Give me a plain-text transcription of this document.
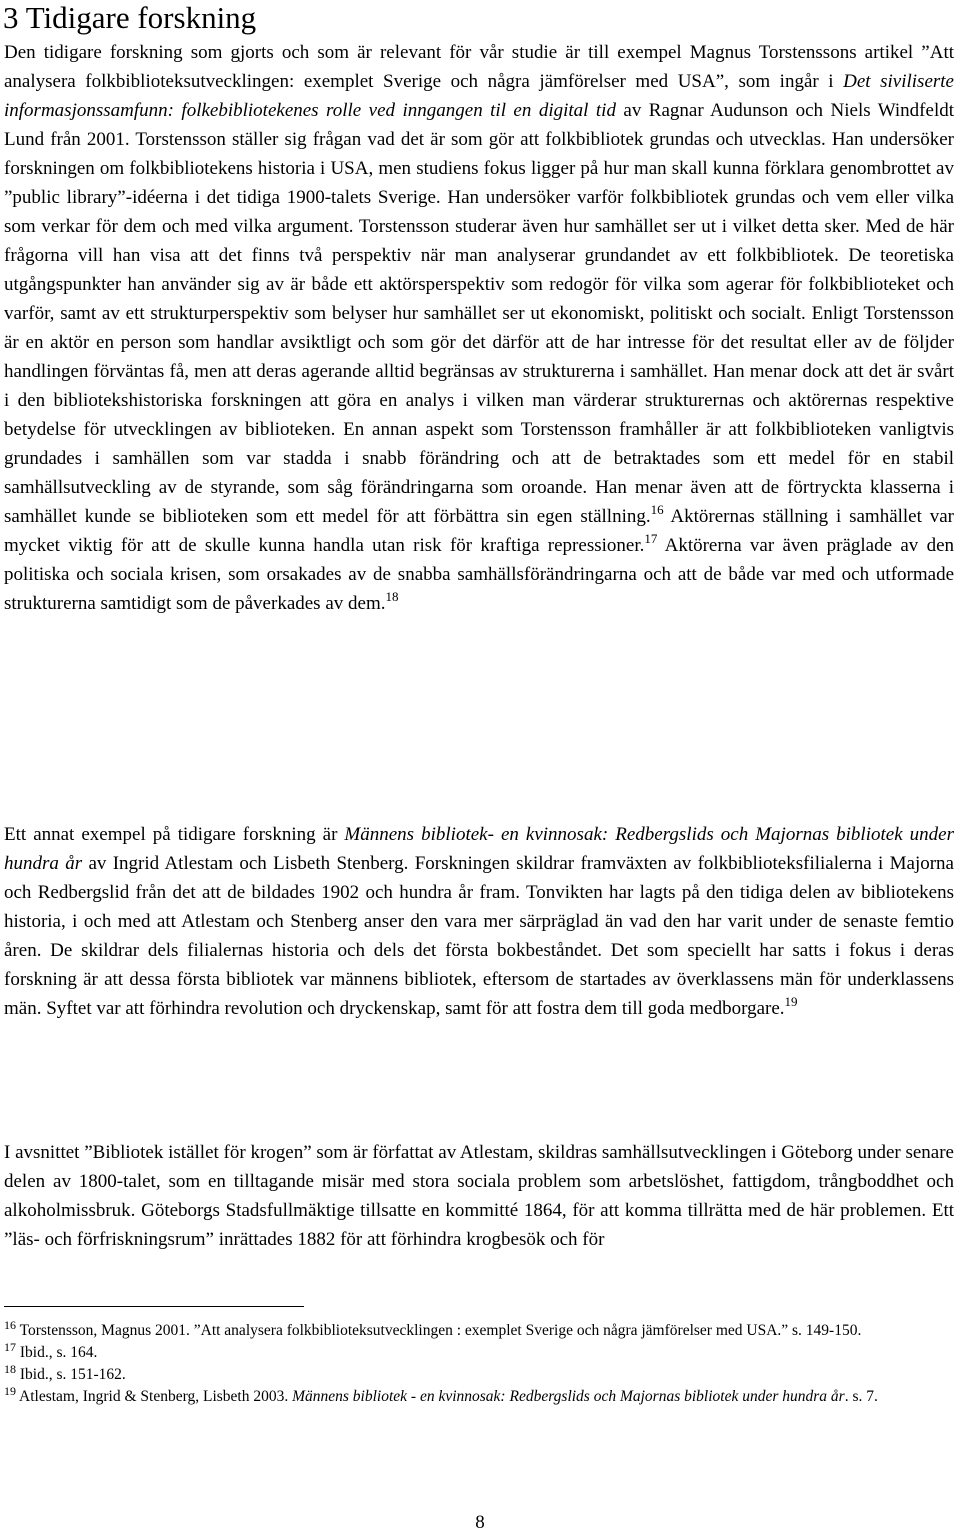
3 Tidigare forskning

Den tidigare forskning som gjorts och som är relevant för vår studie är till exempel Magnus Torstenssons artikel ”Att analysera folkbiblioteksutvecklingen: exemplet Sverige och några jämförelser med USA”, som ingår i Det siviliserte informasjonssamfunn: folkebibliotekenes rolle ved inngangen til en digital tid av Ragnar Audunson och Niels Windfeldt Lund från 2001. Torstensson ställer sig frågan vad det är som gör att folkbibliotek grundas och utvecklas. Han undersöker forskningen om folkbibliotekens historia i USA, men studiens fokus ligger på hur man skall kunna förklara genombrottet av ”public library”-idéerna i det tidiga 1900-talets Sverige. Han undersöker varför folkbibliotek grundas och vem eller vilka som verkar för dem och med vilka argument. Torstensson studerar även hur samhället ser ut i vilket detta sker. Med de här frågorna vill han visa att det finns två perspektiv när man analyserar grundandet av ett folkbibliotek. De teoretiska utgångspunkter han använder sig av är både ett aktörsperspektiv som redogör för vilka som agerar för folkbiblioteket och varför, samt av ett strukturperspektiv som belyser hur samhället ser ut ekonomiskt, politiskt och socialt. Enligt Torstensson är en aktör en person som handlar avsiktligt och som gör det därför att de har intresse för det resultat eller av de följder handlingen förväntas få, men att deras agerande alltid begränsas av strukturerna i samhället. Han menar dock att det är svårt i den bibliotekshistoriska forskningen att göra en analys i vilken man värderar strukturernas och aktörernas respektive betydelse för utvecklingen av biblioteken. En annan aspekt som Torstensson framhåller är att folkbiblioteken vanligtvis grundades i samhällen som var stadda i snabb förändring och att de betraktades som ett medel för en stabil samhällsutveckling av de styrande, som såg förändringarna som oroande. Han menar även att de förtryckta klasserna i samhället kunde se biblioteken som ett medel för att förbättra sin egen ställning.$^{16}$ Aktörernas ställning i samhället var mycket viktig för att de skulle kunna handla utan risk för kraftiga repressioner.$^{17}$ Aktörerna var även präglade av den politiska och sociala krisen, som orsakades av de snabba samhällsförändringarna och att de både var med och utformade strukturerna samtidigt som de påverkades av dem.$^{18}$

Ett annat exempel på tidigare forskning är Männens bibliotek- en kvinnosak: Redbergslids och Majornas bibliotek under hundra år av Ingrid Atlestam och Lisbeth Stenberg. Forskningen skildrar framväxten av folkbiblioteksfilialerna i Majorna och Redbergslid från det att de bildades 1902 och hundra år fram. Tonvikten har lagts på den tidiga delen av bibliotekens historia, i och med att Atlestam och Stenberg anser den vara mer särpräglad än vad den har varit under de senaste femtio åren. De skildrar dels filialernas historia och dels det första bokbeståndet. Det som speciellt har satts i fokus i deras forskning är att dessa första bibliotek var männens bibliotek, eftersom de startades av överklassens män för underklassens män. Syftet var att förhindra revolution och dryckenskap, samt för att fostra dem till goda medborgare.$^{19}$

I avsnittet ”Bibliotek istället för krogen” som är författat av Atlestam, skildras samhällsutvecklingen i Göteborg under senare delen av 1800-talet, som en tilltagande misär med stora sociala problem som arbetslöshet, fattigdom, trångboddhet och alkoholmissbruk. Göteborgs Stadsfullmäktige tillsatte en kommitté 1864, för att komma tillrätta med de här problemen. Ett ”läs- och förfriskningsrum” inrättades 1882 för att förhindra krogbesök och för

$^{16}$ Torstensson, Magnus 2001. ”Att analysera folkbiblioteksutvecklingen : exemplet Sverige och några jämförelser med USA.” s. 149-150.

$^{17}$ Ibid., s. 164.

$^{18}$ Ibid., s. 151-162.

$^{19}$ Atlestam, Ingrid & Stenberg, Lisbeth 2003. Männens bibliotek - en kvinnosak: Redbergslids och Majornas bibliotek under hundra år. s. 7.

8
